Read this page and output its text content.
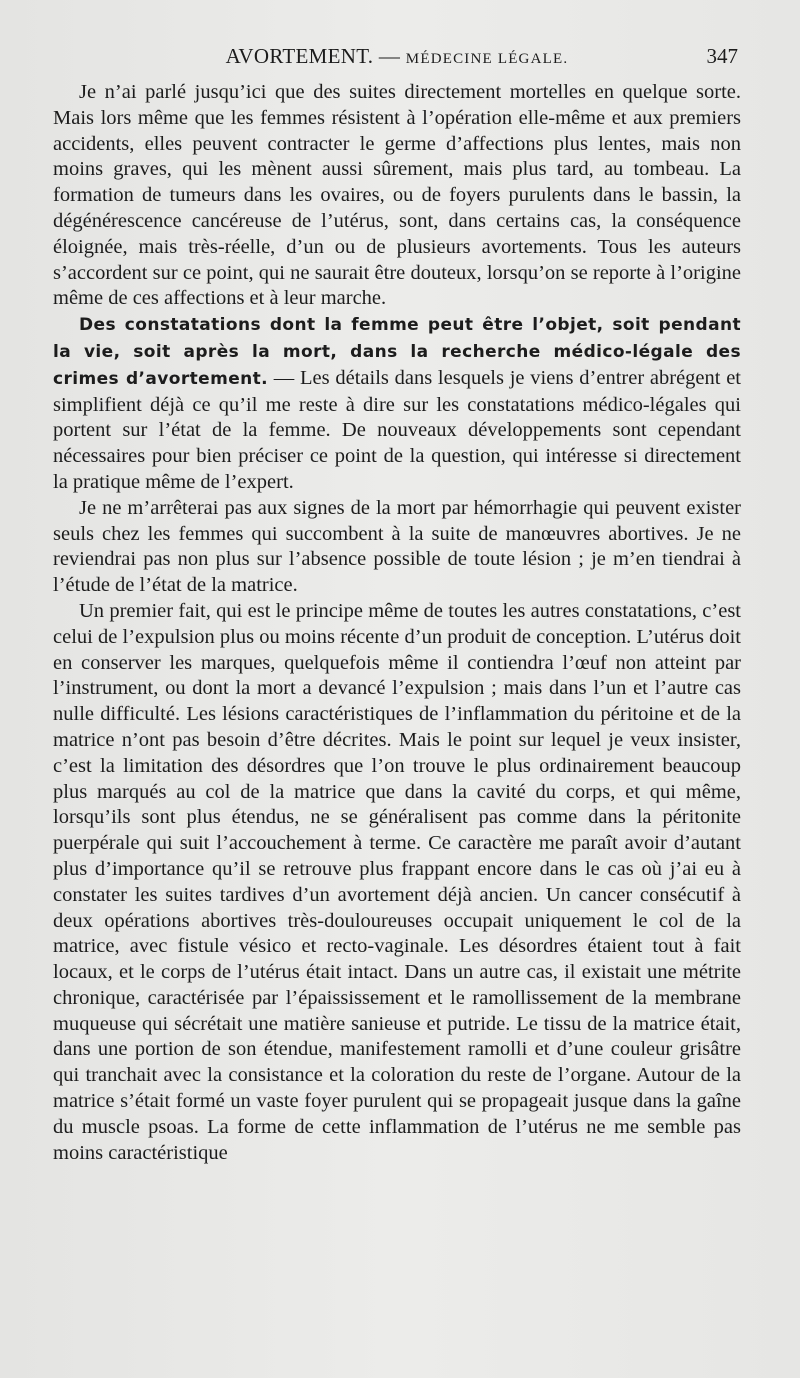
AVORTEMENT. — MÉDECINE LÉGALE.	347

Je n’ai parlé jusqu’ici que des suites directement mortelles en quelque sorte. Mais lors même que les femmes résistent à l’opération elle-même et aux premiers accidents, elles peuvent contracter le germe d’affections plus lentes, mais non moins graves, qui les mènent aussi sûrement, mais plus tard, au tombeau. La formation de tumeurs dans les ovaires, ou de foyers purulents dans le bassin, la dégénérescence cancéreuse de l’utérus, sont, dans certains cas, la conséquence éloignée, mais très-réelle, d’un ou de plusieurs avortements. Tous les auteurs s’accordent sur ce point, qui ne saurait être douteux, lorsqu’on se reporte à l’origine même de ces affections et à leur marche.

Des constatations dont la femme peut être l’objet, soit pendant la vie, soit après la mort, dans la recherche médico-légale des crimes d’avortement. — Les détails dans lesquels je viens d’entrer abrégent et simplifient déjà ce qu’il me reste à dire sur les constatations médico-légales qui portent sur l’état de la femme. De nouveaux développements sont cependant nécessaires pour bien préciser ce point de la question, qui intéresse si directement la pratique même de l’expert.

Je ne m’arrêterai pas aux signes de la mort par hémorrhagie qui peuvent exister seuls chez les femmes qui succombent à la suite de manœuvres abortives. Je ne reviendrai pas non plus sur l’absence possible de toute lésion ; je m’en tiendrai à l’étude de l’état de la matrice.

Un premier fait, qui est le principe même de toutes les autres constatations, c’est celui de l’expulsion plus ou moins récente d’un produit de conception. L’utérus doit en conserver les marques, quelquefois même il contiendra l’œuf non atteint par l’instrument, ou dont la mort a devancé l’expulsion ; mais dans l’un et l’autre cas nulle difficulté. Les lésions caractéristiques de l’inflammation du péritoine et de la matrice n’ont pas besoin d’être décrites. Mais le point sur lequel je veux insister, c’est la limitation des désordres que l’on trouve le plus ordinairement beaucoup plus marqués au col de la matrice que dans la cavité du corps, et qui même, lorsqu’ils sont plus étendus, ne se généralisent pas comme dans la péritonite puerpérale qui suit l’accouchement à terme. Ce caractère me paraît avoir d’autant plus d’importance qu’il se retrouve plus frappant encore dans le cas où j’ai eu à constater les suites tardives d’un avortement déjà ancien. Un cancer consécutif à deux opérations abortives très-douloureuses occupait uniquement le col de la matrice, avec fistule vésico et recto-vaginale. Les désordres étaient tout à fait locaux, et le corps de l’utérus était intact. Dans un autre cas, il existait une métrite chronique, caractérisée par l’épaississement et le ramollissement de la membrane muqueuse qui sécrétait une matière sanieuse et putride. Le tissu de la matrice était, dans une portion de son étendue, manifestement ramolli et d’une couleur grisâtre qui tranchait avec la consistance et la coloration du reste de l’organe. Autour de la matrice s’était formé un vaste foyer purulent qui se propageait jusque dans la gaîne du muscle psoas. La forme de cette inflammation de l’utérus ne me semble pas moins caractéristique
